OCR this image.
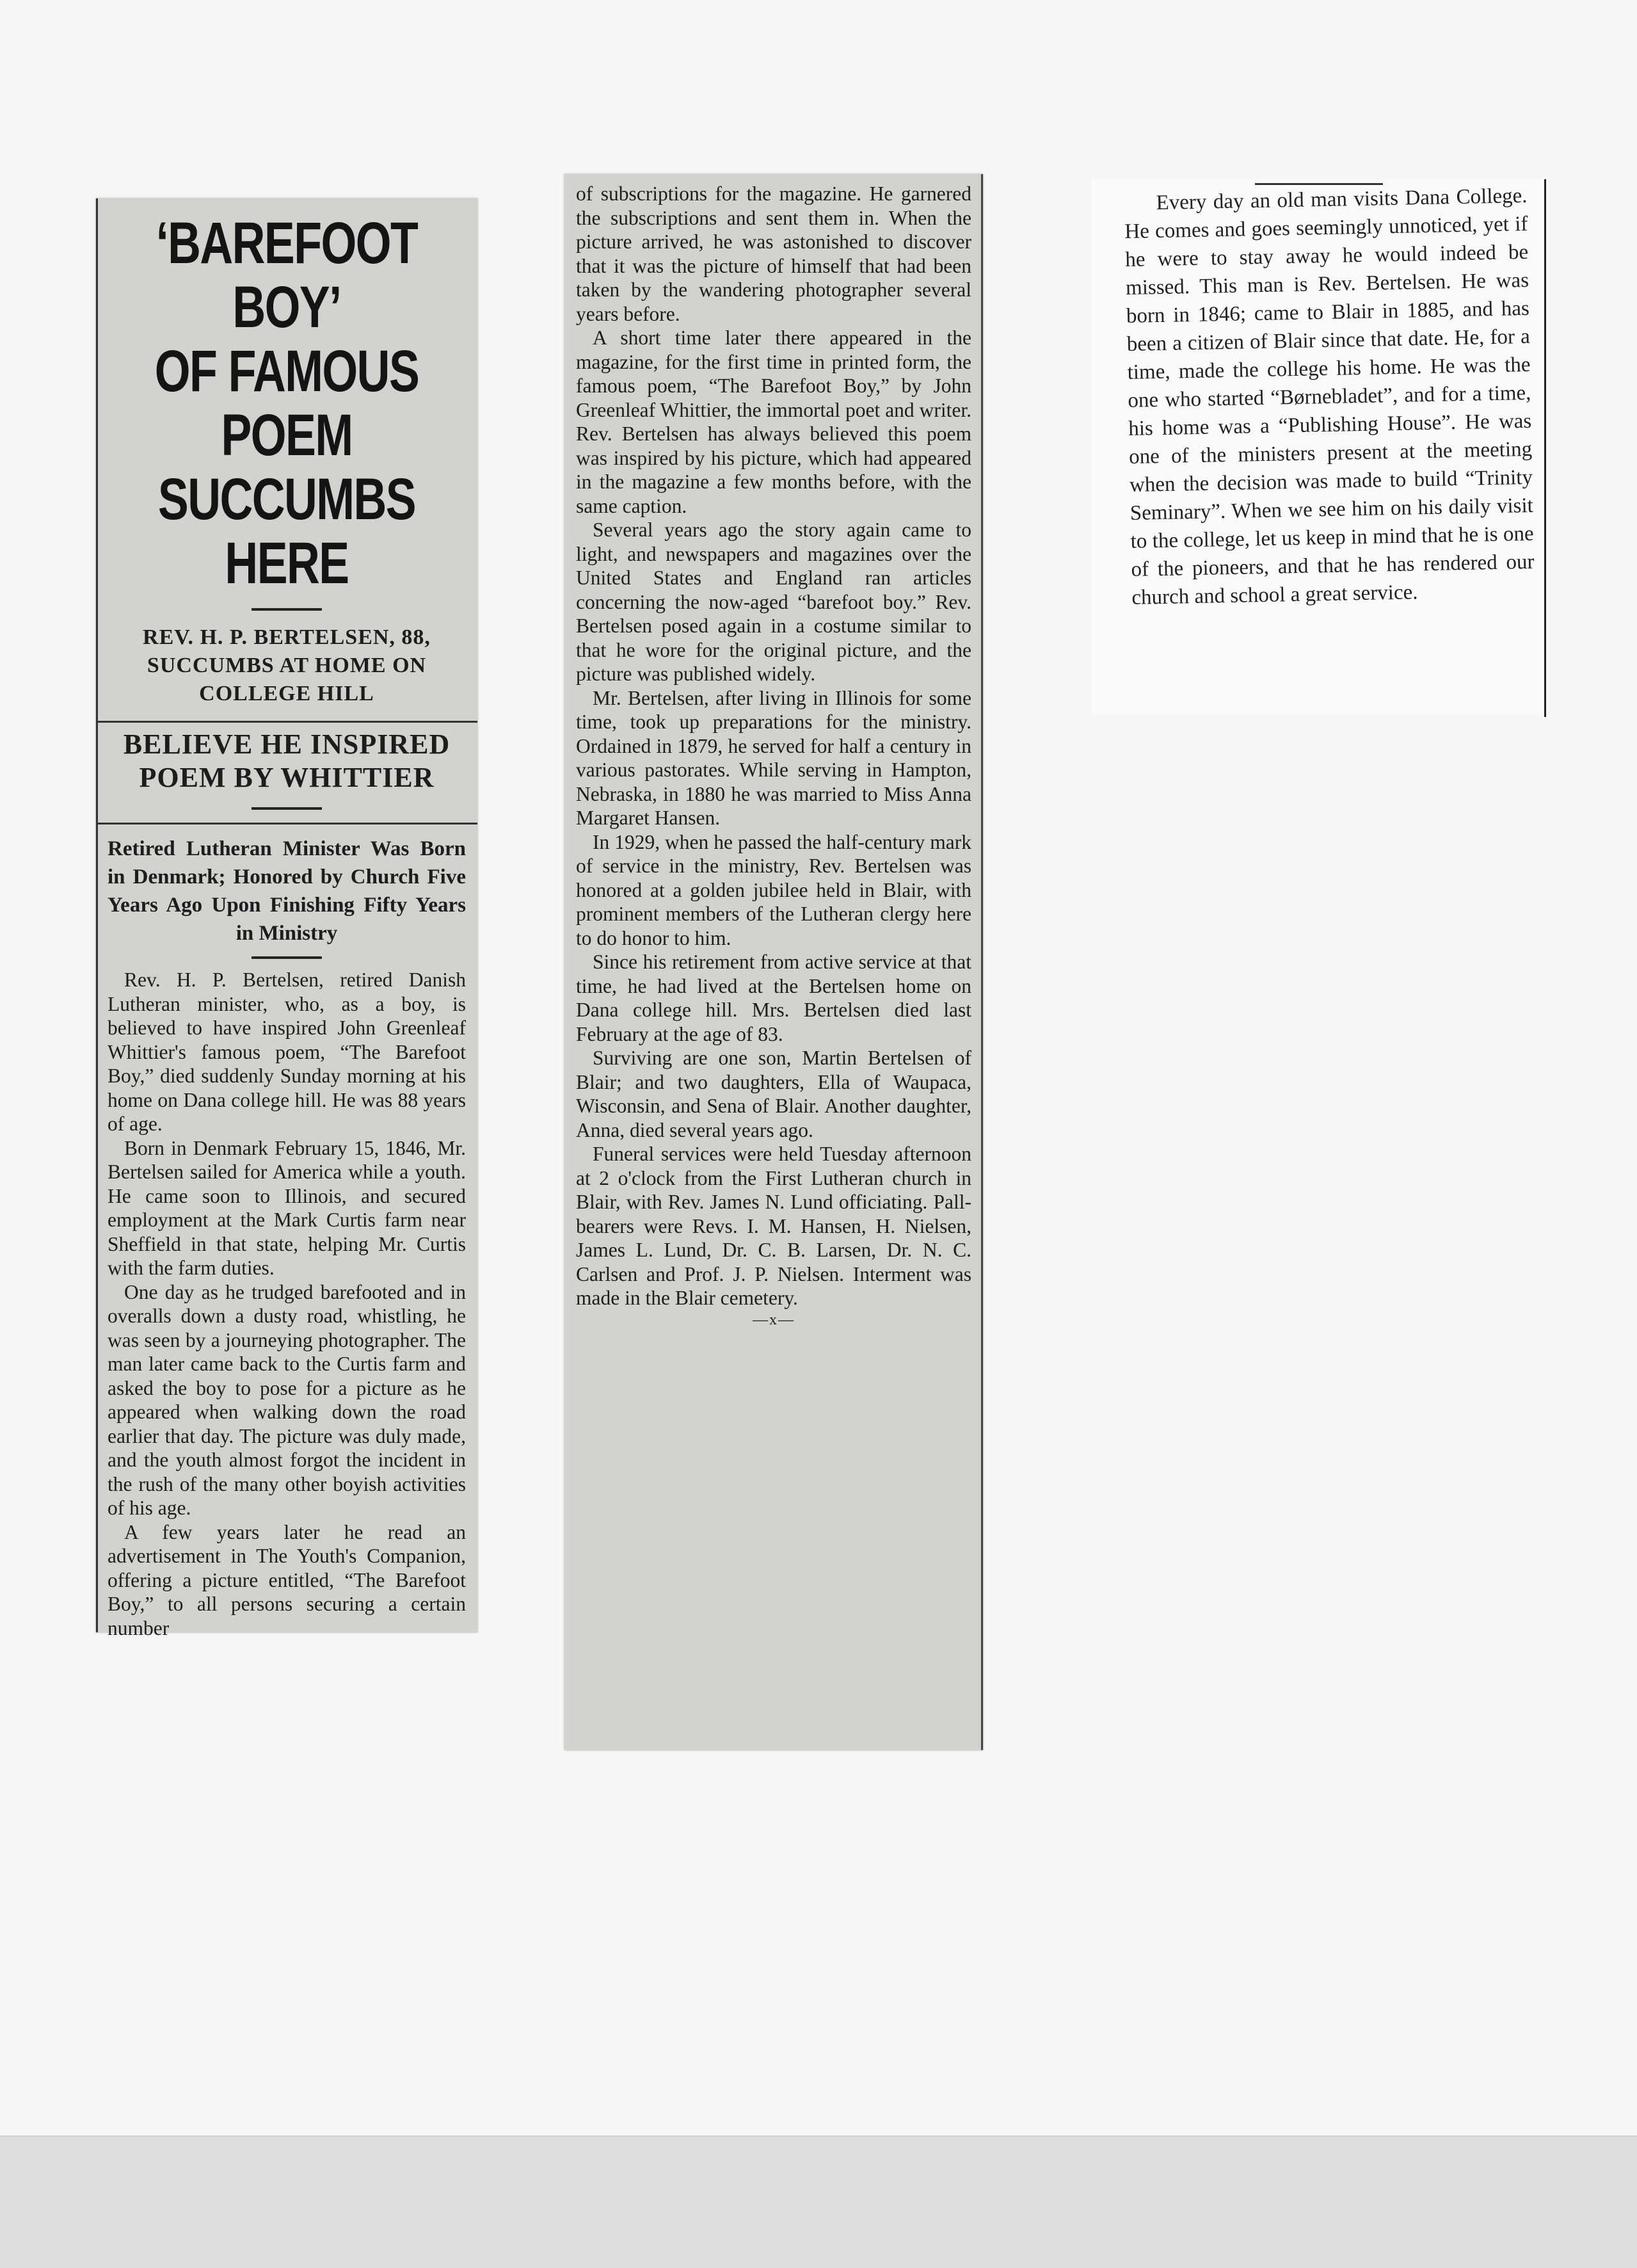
‘BAREFOOT BOY’
OF FAMOUS POEM
SUCCUMBS HERE
REV. H. P. BERTELSEN, 88, SUCCUMBS AT HOME ON COLLEGE HILL
BELIEVE HE INSPIRED POEM BY WHITTIER
Retired Lutheran Minister Was Born in Denmark; Honored by Church Five Years Ago Upon Finishing Fifty Years in Ministry

Rev. H. P. Bertelsen, retired Danish Lutheran minister, who, as a boy, is believed to have inspired John Greenleaf Whittier's famous poem, “The Barefoot Boy,” died suddenly Sunday morning at his home on Dana college hill. He was 88 years of age.

Born in Denmark February 15, 1846, Mr. Bertelsen sailed for America while a youth. He came soon to Illinois, and secured employment at the Mark Curtis farm near Sheffield in that state, helping Mr. Curtis with the farm duties.

One day as he trudged barefooted and in overalls down a dusty road, whistling, he was seen by a journeying photographer. The man later came back to the Curtis farm and asked the boy to pose for a picture as he appeared when walking down the road earlier that day. The picture was duly made, and the youth almost forgot the incident in the rush of the many other boyish activities of his age.

A few years later he read an advertisement in The Youth's Companion, offering a picture entitled, “The Barefoot Boy,” to all persons securing a certain number

of subscriptions for the magazine. He garnered the subscriptions and sent them in. When the picture arrived, he was astonished to discover that it was the picture of himself that had been taken by the wandering photographer several years before.

A short time later there appeared in the magazine, for the first time in printed form, the famous poem, “The Barefoot Boy,” by John Greenleaf Whittier, the immortal poet and writer. Rev. Bertelsen has always believed this poem was inspired by his picture, which had appeared in the magazine a few months before, with the same caption.

Several years ago the story again came to light, and newspapers and magazines over the United States and England ran articles concerning the now-aged “barefoot boy.” Rev. Bertelsen posed again in a costume similar to that he wore for the original picture, and the picture was published widely.

Mr. Bertelsen, after living in Illinois for some time, took up preparations for the ministry. Ordained in 1879, he served for half a century in various pastorates. While serving in Hampton, Nebraska, in 1880 he was married to Miss Anna Margaret Hansen.

In 1929, when he passed the half-century mark of service in the ministry, Rev. Bertelsen was honored at a golden jubilee held in Blair, with prominent members of the Lutheran clergy here to do honor to him.

Since his retirement from active service at that time, he had lived at the Bertelsen home on Dana college hill. Mrs. Bertelsen died last February at the age of 83.

Surviving are one son, Martin Bertelsen of Blair; and two daughters, Ella of Waupaca, Wisconsin, and Sena of Blair. Another daughter, Anna, died several years ago.

Funeral services were held Tuesday afternoon at 2 o'clock from the First Lutheran church in Blair, with Rev. James N. Lund officiating. Pall-bearers were Revs. I. M. Hansen, H. Nielsen, James L. Lund, Dr. C. B. Larsen, Dr. N. C. Carlsen and Prof. J. P. Nielsen. Interment was made in the Blair cemetery.

—x—

Every day an old man visits Dana College. He comes and goes seemingly unnoticed, yet if he were to stay away he would indeed be missed. This man is Rev. Bertelsen. He was born in 1846; came to Blair in 1885, and has been a citizen of Blair since that date. He, for a time, made the college his home. He was the one who started “Børnebladet”, and for a time, his home was a “Publishing House”. He was one of the ministers present at the meeting when the decision was made to build “Trinity Seminary”. When we see him on his daily visit to the college, let us keep in mind that he is one of the pioneers, and that he has rendered our church and school a great service.
